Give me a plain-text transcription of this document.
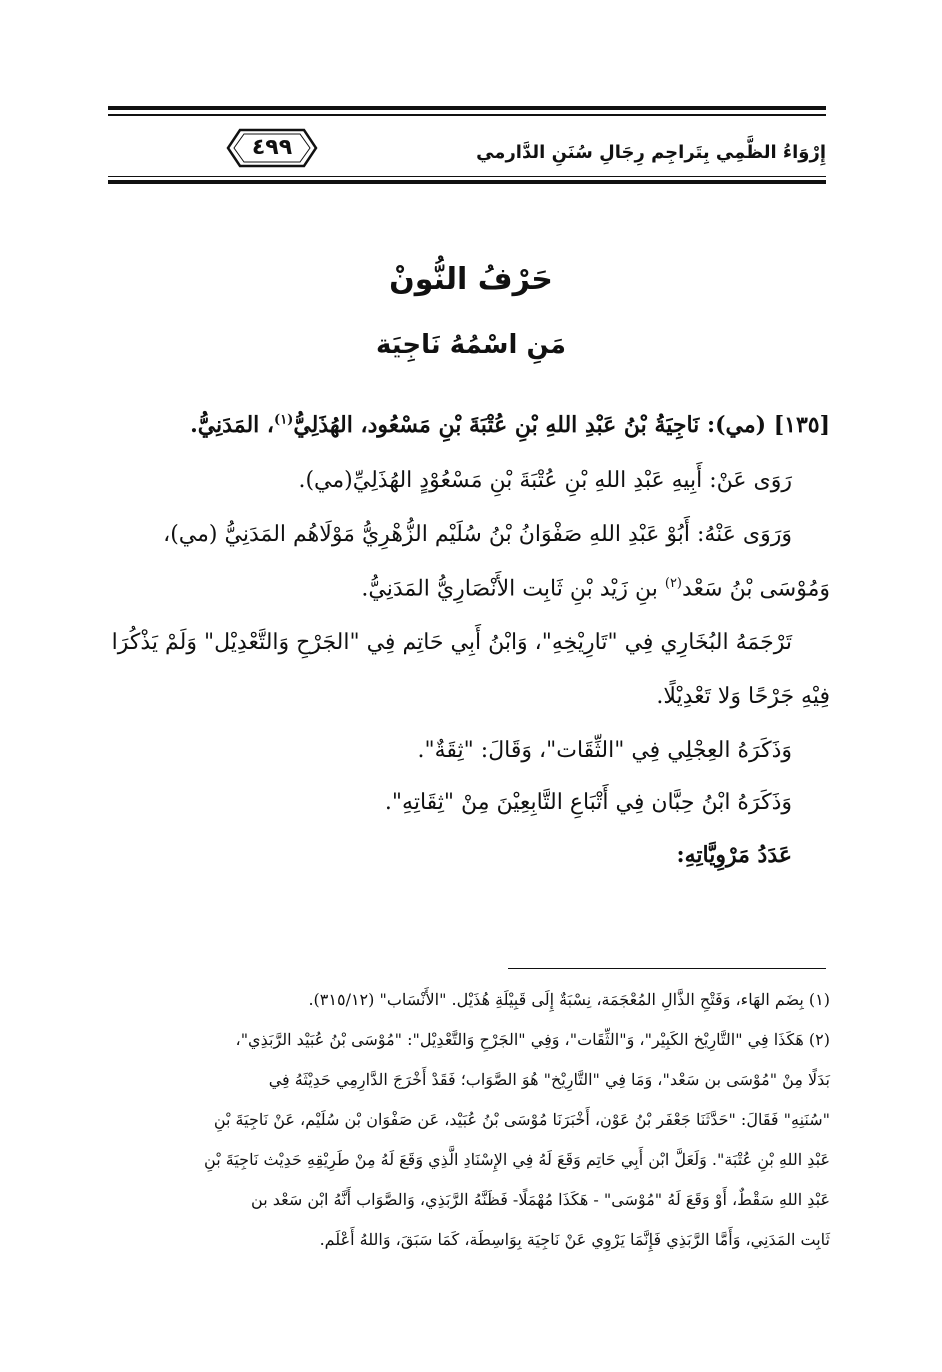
٤٩٩	إِرْوَاءُ الظَّمِي بِتَراجِم رِجَالِ سُنَنِ الدَّارمي
حَرْفُ النُّونْ
مَنِ اسْمُهُ نَاجِيَة
[١٣٥] (مي): نَاجِيَةُ بْنُ عَبْدِ اللهِ بْنِ عُتْبَةَ بْنِ مَسْعُود، الهُذَلِيُّ$^{(١)}$، المَدَنِيُّ.
رَوَى عَنْ: أَبِيهِ عَبْدِ اللهِ بْنِ عُتْبَةَ بْنِ مَسْعُوْدٍ الهُذَلِيِّ(مي).
وَرَوَى عَنْهُ: أَبُوْ عَبْدِ اللهِ صَفْوَانُ بْنُ سُلَيْم الزُّهْرِيُّ مَوْلَاهُم المَدَنِيُّ (مي)،
وَمُوْسَى بْنُ سَعْد$^{(٢)}$ بنِ زَيْد بْنِ ثَابِت الأَنْصَارِيُّ المَدَنِيُّ.
تَرْجَمَهُ البُخَارِي فِي "تَارِيْخِهِ"، وَابْنُ أَبِي حَاتِم فِي "الجَرْحِ وَالتَّعْدِيْل" وَلَمْ يَذْكُرَا
فِيْهِ جَرْحًا وَلا تَعْدِيْلًا.
وَذَكَرَهُ العِجْلِي فِي "الثِّقَات"، وَقَالَ: "ثِقَةٌ".
وَذَكَرَهُ ابْنُ حِبَّان فِي أَتْبَاعِ التَّابِعِيْنَ مِنْ "ثِقَاتِهِ".
عَدَدُ مَرْوِيَّاتِهِ:
(١) بِضَم الهَاء، وَفَتْحِ الذَّالِ المُعْجَمَة، نِسْبَةٌ إِلَى قَبِيْلَةِ هُذَيْل. "الأَنْسَاب" (٣١٥/١٢).
(٢) هَكَذَا فِي "التَّارِيْخ الكَبِيْر"، وَ"الثِّقَات"، وَفِي "الجَرْحِ وَالتَّعْدِيْل": "مُوْسَى بْنُ عُبَيْد الرَّبَذِي"،
بَدَلًا مِنْ "مُوْسَى بن سَعْد"، وَمَا فِي "التَّارِيْخ" هُوَ الصَّوَاب؛ فَقَدْ أَخْرَجَ الدَّارِمِي حَدِيْثَهُ فِي
"سُنَنِهِ" فَقَالَ: "حَدَّثَنَا جَعْفَر بْنُ عَوْن، أَخْبَرَنَا مُوْسَى بْنُ عُبَيْد، عَن صَفْوَان بْن سُلَيْم، عَنْ نَاجِيَةَ بْنِ
عَبْدِ اللهِ بْنِ عُتْبَة". وَلَعَلَّ ابْن أَبِي حَاتِم وَقَعَ لَهُ فِي الإِسْنَادِ الَّذِي وَقَعَ لَهُ مِنْ طَرِيْقِهِ حَدِيْث نَاجِيَةَ بْنِ
عَبْدِ اللهِ سَقْطٌ، أَوْ وَقَعَ لَهُ "مُوْسَى" - هَكَذَا مُهْمَلًا- فَظَنَّهُ الرَّبَذِي، وَالصَّوَاب أَنَّهُ ابْن سَعْد بن
ثَابِت المَدَنِي، وَأَمَّا الرَّبَذِي فَإِنَّمَا يَرْوِي عَنْ نَاجِيَة بِوَاسِطَة، كَمَا سَبَقَ، وَاللهُ أَعْلَم.
